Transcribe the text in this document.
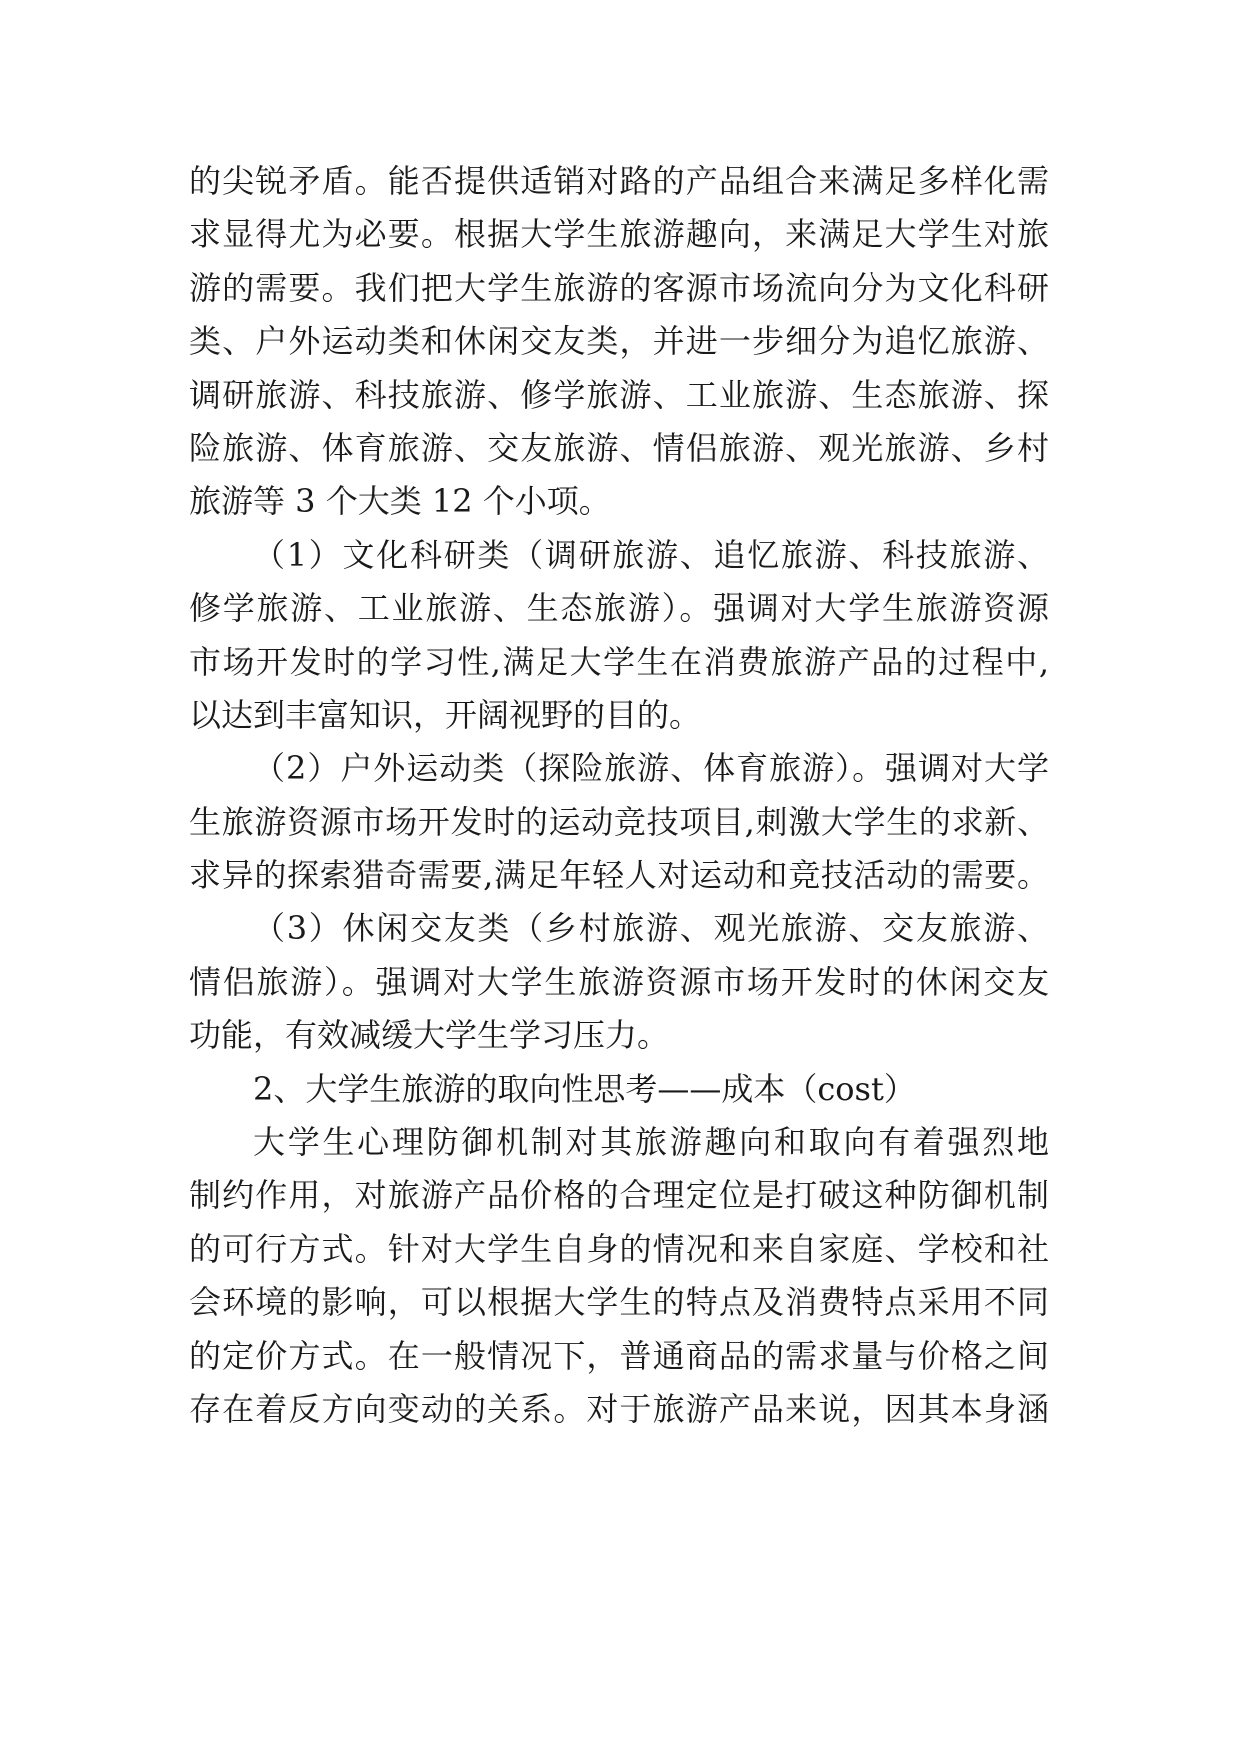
的尖锐矛盾。能否提供适销对路的产品组合来满足多样化需
求显得尤为必要。根据大学生旅游趣向，来满足大学生对旅
游的需要。我们把大学生旅游的客源市场流向分为文化科研
类、户外运动类和休闲交友类，并进一步细分为追忆旅游、
调研旅游、科技旅游、修学旅游、工业旅游、生态旅游、探
险旅游、体育旅游、交友旅游、情侣旅游、观光旅游、乡村
旅游等 3 个大类 12 个小项。
（1）文化科研类（调研旅游、追忆旅游、科技旅游、
修学旅游、工业旅游、生态旅游）。强调对大学生旅游资源
市场开发时的学习性,满足大学生在消费旅游产品的过程中,
以达到丰富知识，开阔视野的目的。
（2）户外运动类（探险旅游、体育旅游）。强调对大学
生旅游资源市场开发时的运动竞技项目,刺激大学生的求新、
求异的探索猎奇需要,满足年轻人对运动和竞技活动的需要。
（3）休闲交友类（乡村旅游、观光旅游、交友旅游、
情侣旅游）。强调对大学生旅游资源市场开发时的休闲交友
功能，有效减缓大学生学习压力。
2、大学生旅游的取向性思考——成本（cost）
大学生心理防御机制对其旅游趣向和取向有着强烈地
制约作用，对旅游产品价格的合理定位是打破这种防御机制
的可行方式。针对大学生自身的情况和来自家庭、学校和社
会环境的影响，可以根据大学生的特点及消费特点采用不同
的定价方式。在一般情况下，普通商品的需求量与价格之间
存在着反方向变动的关系。对于旅游产品来说，因其本身涵
